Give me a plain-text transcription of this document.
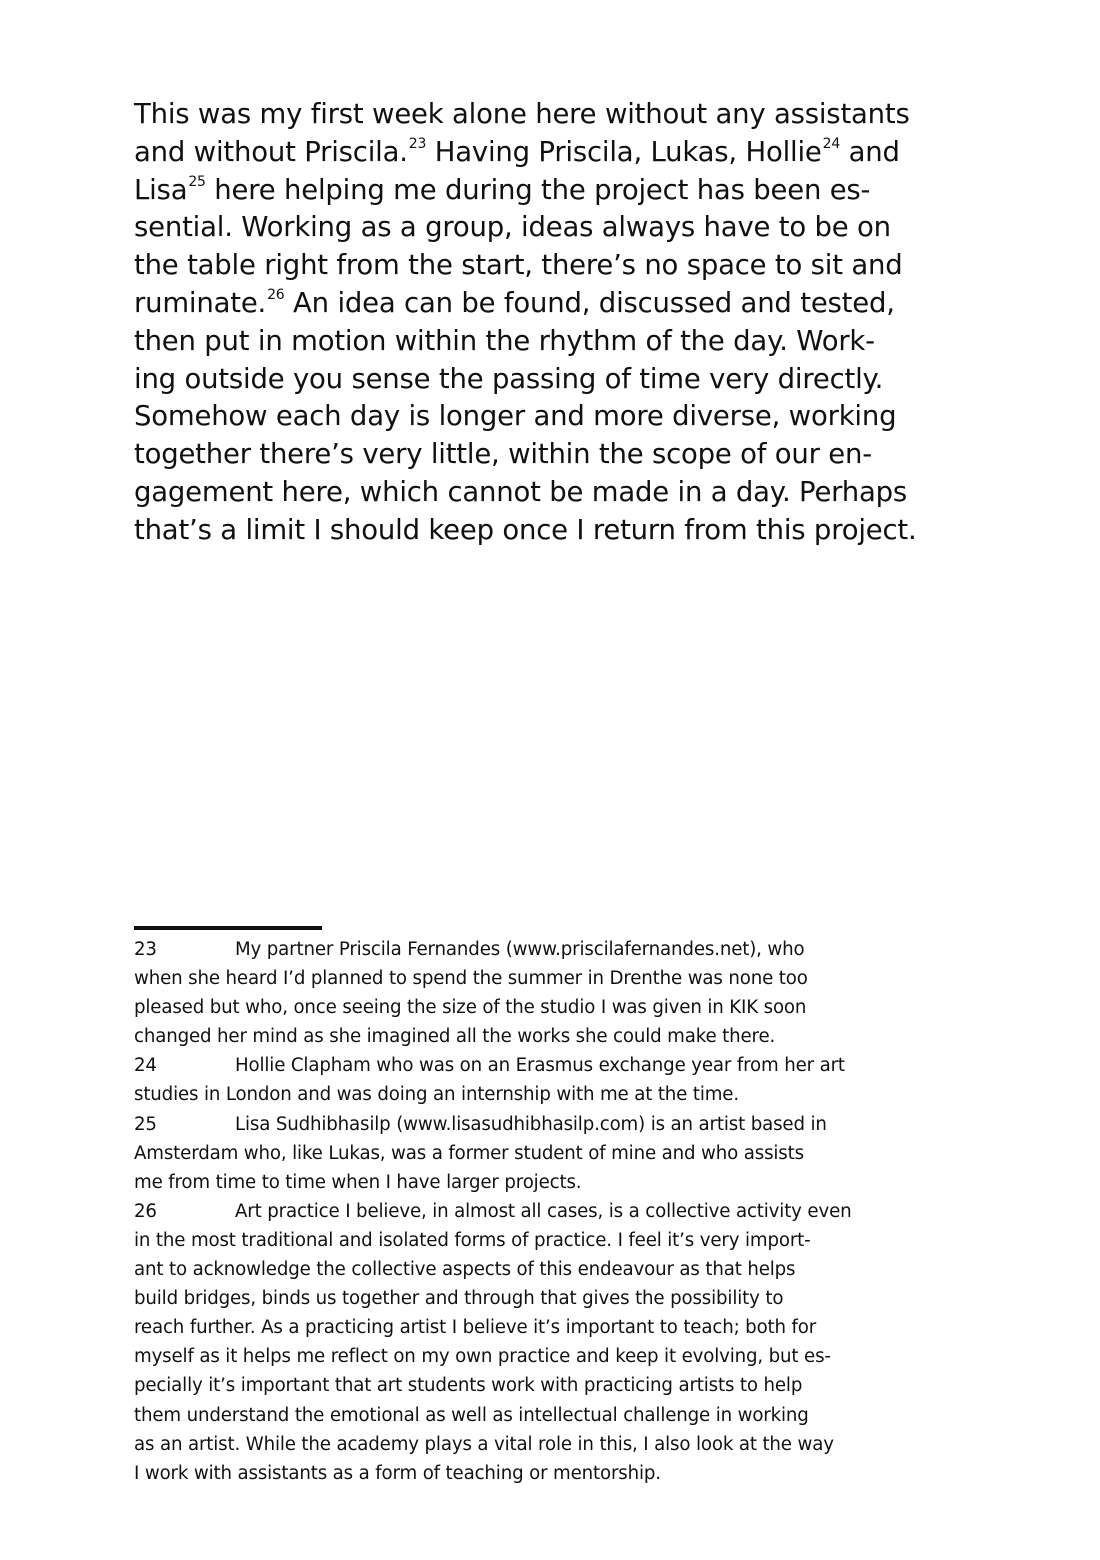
This was my first week alone here without any assistants
and without Priscila.$^{23}$ Having Priscila, Lukas, Hollie$^{24}$ and
Lisa$^{25}$ here helping me during the project has been es-
sential. Working as a group, ideas always have to be on
the table right from the start, there’s no space to sit and
ruminate.$^{26}$ An idea can be found, discussed and tested,
then put in motion within the rhythm of the day. Work-
ing outside you sense the passing of time very directly.
Somehow each day is longer and more diverse, working
together there’s very little, within the scope of our en-
gagement here, which cannot be made in a day. Perhaps
that’s a limit I should keep once I return from this project.
23	My partner Priscila Fernandes (www.priscilafernandes.net), who
when she heard I’d planned to spend the summer in Drenthe was none too
pleased but who, once seeing the size of the studio I was given in KIK soon
changed her mind as she imagined all the works she could make there.
24	Hollie Clapham who was on an Erasmus exchange year from her art
studies in London and was doing an internship with me at the time.
25	Lisa Sudhibhasilp (www.lisasudhibhasilp.com) is an artist based in
Amsterdam who, like Lukas, was a former student of mine and who assists
me from time to time when I have larger projects.
26	Art practice I believe, in almost all cases, is a collective activity even
in the most traditional and isolated forms of practice. I feel it’s very import-
ant to acknowledge the collective aspects of this endeavour as that helps
build bridges, binds us together and through that gives the possibility to
reach further. As a practicing artist I believe it’s important to teach; both for
myself as it helps me reflect on my own practice and keep it evolving, but es-
pecially it’s important that art students work with practicing artists to help
them understand the emotional as well as intellectual challenge in working
as an artist. While the academy plays a vital role in this, I also look at the way
I work with assistants as a form of teaching or mentorship.
